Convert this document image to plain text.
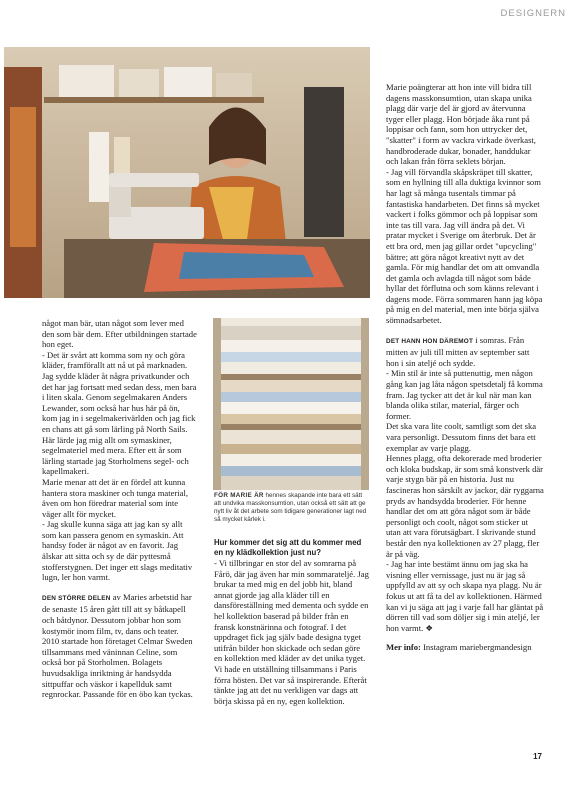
DESIGNERN

något man bär, utan något som lever med den som bär dem. Efter utbildningen startade hon eget.

- Det är svårt att komma som ny och göra kläder, framförallt att nå ut på marknaden. Jag sydde kläder åt några privatkunder och det har jag fortsatt med sedan dess, men bara i liten skala. Genom segelmakaren Anders Lewander, som också har hus här på ön, kom jag in i segelmakerivärlden och jag fick en chans att gå som lärling på North Sails. Här lärde jag mig allt om symaskiner, segelmateriel med mera. Efter ett år som lärling startade jag Storholmens segel- och kapellmakeri.

Marie menar att det är en fördel att kunna hantera stora maskiner och tunga material, även om hon föredrar material som inte väger allt för mycket.

- Jag skulle kunna säga att jag kan sy allt som kan passera genom en symaskin. Att handsy foder är något av en favorit. Jag älskar att sitta och sy de där pyttesmå stofferstygnen. Det inger ett slags meditativ lugn, ler hon varmt.

DEN STÖRRE DELEN av Maries arbetstid har de senaste 15 åren gått till att sy båtkapell och båtdynor. Dessutom jobbar hon som kostymör inom film, tv, dans och teater. 2010 startade hon företaget Celmar Sweden tillsammans med väninnan Celine, som också bor på Storholmen. Bolagets huvudsakliga inriktning är handsydda sittpuffar och väskor i kapellduk samt regnrockar. Passande för en öbo kan tyckas.

FÖR MARIE ÄR hennes skapande inte bara ett sätt att undvika masskonsumtion, utan också ett sätt att ge nytt liv åt det arbete som tidigare generationer lagt ned så mycket kärlek i.

Hur kommer det sig att du kommer med en ny klädkollektion just nu?

- Vi tillbringar en stor del av somrarna på Fårö, där jag även har min sommarateljé. Jag brukar ta med mig en del jobb hit, bland annat gjorde jag alla kläder till en dansföreställning med dementa och sydde en hel kollektion baserad på bilder från en fransk konstnärinna och fotograf. I det uppdraget fick jag själv bade designa tyget utifrån bilder hon skickade och sedan göre en kollektion med kläder av det unika tyget. Vi hade en utställning tillsammans i Paris förra hösten. Det var så inspirerande. Efteråt tänkte jag att det nu verkligen var dags att börja skissa på en ny, egen kollektion.

Marie poängterar att hon inte vill bidra till dagens masskonsumtion, utan skapa unika plagg där varje del är gjord av återvunna tyger eller plagg. Hon började åka runt på loppisar och fann, som hon uttrycker det, "skatter" i form av vackra virkade överkast, handbroderade dukar, bonader, handdukar och lakan från förra seklets början.

- Jag vill förvandla skåpskräpet till skatter, som en hyllning till alla duktiga kvinnor som har lagt så många tusentals timmar på fantastiska handarbeten. Det finns så mycket vackert i folks gömmor och på loppisar som inte tas till vara. Jag vill ändra på det. Vi pratar mycket i Sverige om återbruk. Det är ett bra ord, men jag gillar ordet "upcycling" bättre; att göra något kreativt nytt av det gamla. För mig handlar det om att omvandla det gamla och avlagda till något som både hyllar det förflutna och som känns relevant i dagens mode. Förra sommaren hann jag köpa på mig en del material, men inte börja själva sömnadsarbetet.

DET HANN HON DÄREMOT i somras. Från mitten av juli till mitten av september satt hon i sin ateljé och sydde.

- Min stil är inte så puttenuttig, men någon gång kan jag låta någon spetsdetalj få komma fram. Jag tycker att det är kul när man kan blanda olika stilar, material, färger och former.

Det ska vara lite coolt, samtligt som det ska vara personligt. Dessutom finns det bara ett exemplar av varje plagg.

Hennes plagg, ofta dekorerade med broderier och kloka budskap, är som små konstverk där varje stygn bär på en historia. Just nu fascineras hon särskilt av jackor, där ryggarna pryds av handsydda broderier. För henne handlar det om att göra något som är både personligt och coolt, något som sticker ut utan att vara förutsägbart. I skrivande stund består den nya kollektionen av 27 plagg, fler är på väg.

- Jag har inte bestämt ännu om jag ska ha visning eller vernissage, just nu är jag så uppfylld av att sy och skapa nya plagg. Nu är fokus ut att få ta del av kollektionen. Härmed kan vi ju säga att jag i varje fall har gläntat på dörren till vad som döljer sig i min ateljé, ler hon varmt. ❖

Mer info: Instagram mariebergmandesign

17
